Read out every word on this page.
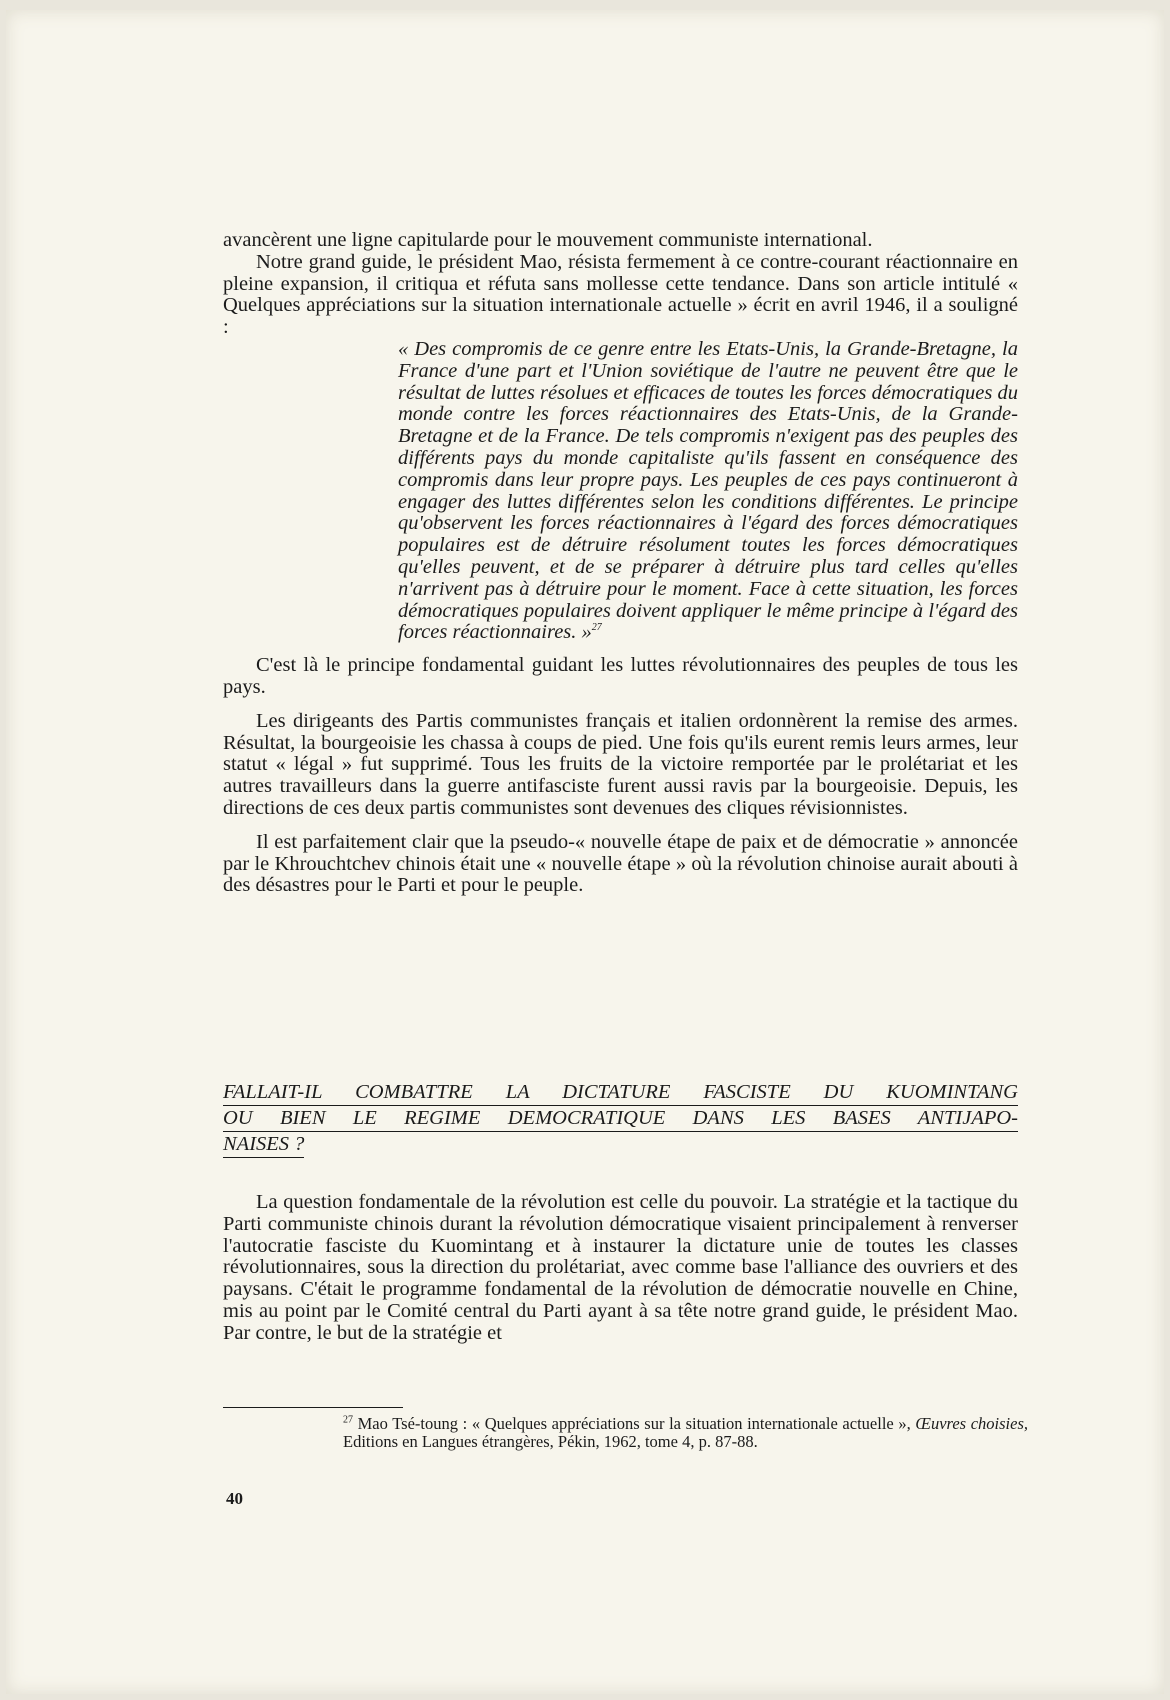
avancèrent une ligne capitularde pour le mouvement communiste international.

Notre grand guide, le président Mao, résista fermement à ce contre-courant réactionnaire en pleine expansion, il critiqua et réfuta sans mollesse cette tendance. Dans son article intitulé « Quelques appréciations sur la situation internationale actuelle » écrit en avril 1946, il a souligné :

« Des compromis de ce genre entre les Etats-Unis, la Grande-Bretagne, la France d'une part et l'Union soviétique de l'autre ne peuvent être que le résultat de luttes résolues et efficaces de toutes les forces démocratiques du monde contre les forces réactionnaires des Etats-Unis, de la Grande-Bretagne et de la France. De tels compromis n'exigent pas des peuples des différents pays du monde capitaliste qu'ils fassent en conséquence des compromis dans leur propre pays. Les peuples de ces pays continueront à engager des luttes différentes selon les conditions différentes. Le principe qu'observent les forces réactionnaires à l'égard des forces démocratiques populaires est de détruire résolument toutes les forces démocratiques qu'elles peuvent, et de se préparer à détruire plus tard celles qu'elles n'arrivent pas à détruire pour le moment. Face à cette situation, les forces démocratiques populaires doivent appliquer le même principe à l'égard des forces réactionnaires. »$^{27}$

C'est là le principe fondamental guidant les luttes révolutionnaires des peuples de tous les pays.

Les dirigeants des Partis communistes français et italien ordonnèrent la remise des armes. Résultat, la bourgeoisie les chassa à coups de pied. Une fois qu'ils eurent remis leurs armes, leur statut « légal » fut supprimé. Tous les fruits de la victoire remportée par le prolétariat et les autres travailleurs dans la guerre antifasciste furent aussi ravis par la bourgeoisie. Depuis, les directions de ces deux partis communistes sont devenues des cliques révisionnistes.

Il est parfaitement clair que la pseudo-« nouvelle étape de paix et de démocratie » annoncée par le Khrouchtchev chinois était une « nouvelle étape » où la révolution chinoise aurait abouti à des désastres pour le Parti et pour le peuple.

FALLAIT-IL COMBATTRE LA DICTATURE FASCISTE DU KUOMINTANG
OU BIEN LE REGIME DEMOCRATIQUE DANS LES BASES ANTIJAPO-
NAISES ?

La question fondamentale de la révolution est celle du pouvoir. La stratégie et la tactique du Parti communiste chinois durant la révolution démocratique visaient principalement à renverser l'autocratie fasciste du Kuomintang et à instaurer la dictature unie de toutes les classes révolutionnaires, sous la direction du prolétariat, avec comme base l'alliance des ouvriers et des paysans. C'était le programme fondamental de la révolution de démocratie nouvelle en Chine, mis au point par le Comité central du Parti ayant à sa tête notre grand guide, le président Mao. Par contre, le but de la stratégie et

$^{27}$ Mao Tsé-toung : « Quelques appréciations sur la situation internationale actuelle », Œuvres choisies, Editions en Langues étrangères, Pékin, 1962, tome 4, p. 87-88.
40
